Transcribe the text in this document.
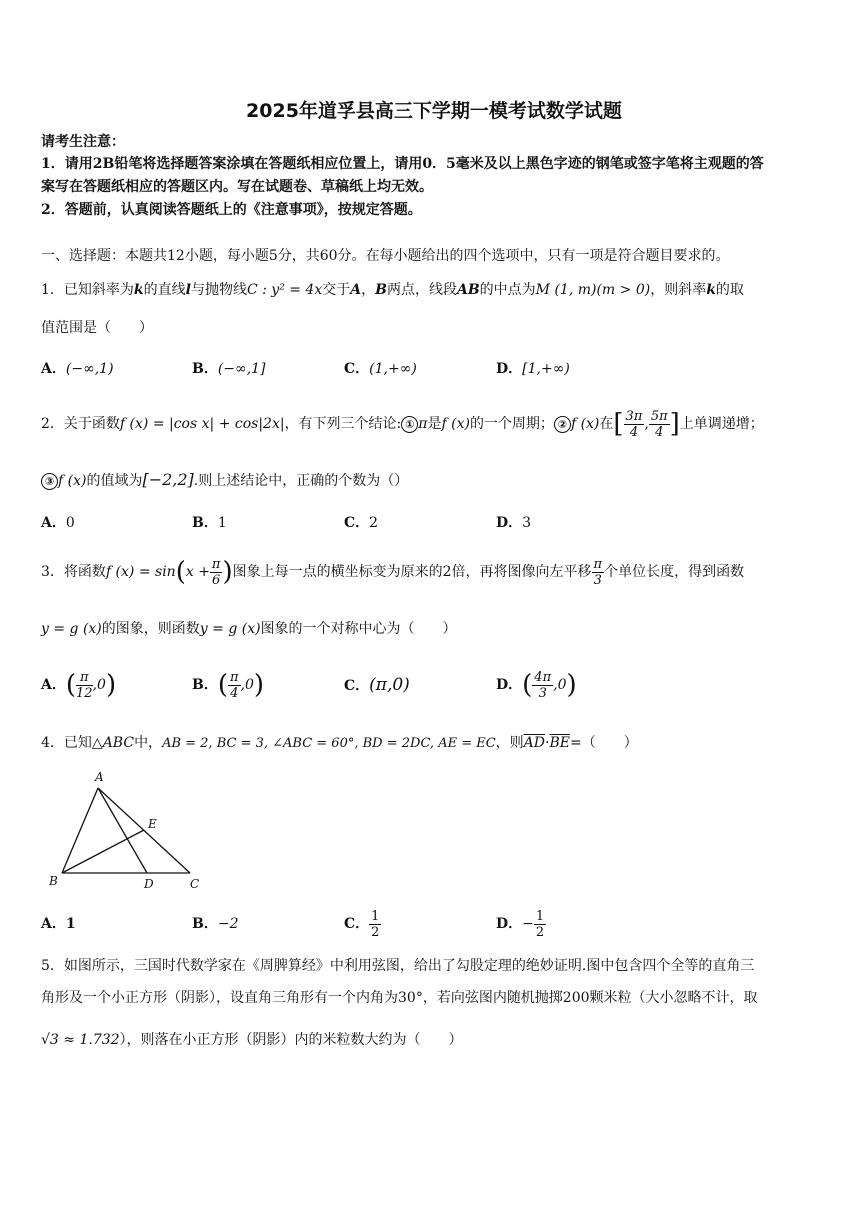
2025年道孚县高三下学期一模考试数学试题
请考生注意：
1．请用2B铅笔将选择题答案涂填在答题纸相应位置上，请用0．5毫米及以上黑色字迹的钢笔或签字笔将主观题的答
案写在答题纸相应的答题区内。写在试题卷、草稿纸上均无效。
2．答题前，认真阅读答题纸上的《注意事项》，按规定答题。
一、选择题：本题共12小题，每小题5分，共60分。在每小题给出的四个选项中，只有一项是符合题目要求的。
1．已知斜率为k的直线l与抛物线C : y² = 4x交于A，B两点，线段AB的中点为M (1, m)(m > 0)，则斜率k的取
值范围是（　　）
A．(−∞,1)	B．(−∞,1]	C．(1,+∞)	D．[1,+∞)
2．关于函数f (x) = |cos x| + cos|2x|，有下列三个结论: ① π是f (x)的一个周期； ② f (x)在[ $\frac{3\pi}{4}$ , $\frac{5\pi}{4}$ ]上单调递增；
③ f (x)的值域为[−2,2].则上述结论中，正确的个数为（）
A．0	B．1	C．2	D．3
3．将函数f $(x) = \sin(x + \frac{\pi}{6}$ )图象上每一点的横坐标变为原来的2倍，再将图像向左平移 $\frac{\pi}{3}$ 个单位长度，得到函数
y = g (x)的图象，则函数y = g (x)图象的一个对称中心为（　　）
A．( $\frac{\pi}{12} ,0$)	B．( $\frac{\pi}{4} ,0$)	C．(π,0)	D．( $\frac{4\pi}{3} ,0$)
4．已知△ABC中，AB = 2, BC = 3, ∠ABC = 60°, BD = 2DC, AE = EC，则$\overline{AD}\cdot\overline{BE}=$（　　）
A
B	C
D
E
A．1	B．−2	C． $\frac{1}{2}$	D．− $\frac{1}{2}$
5．如图所示，三国时代数学家在《周脾算经》中利用弦图，给出了勾股定理的绝妙证明.图中包含四个全等的直角三
角形及一个小正方形（阴影），设直角三角形有一个内角为30°，若向弦图内随机抛掷200颗米粒（大小忽略不计，取
√3 ≈ 1.732），则落在小正方形（阴影）内的米粒数大约为（　　）
